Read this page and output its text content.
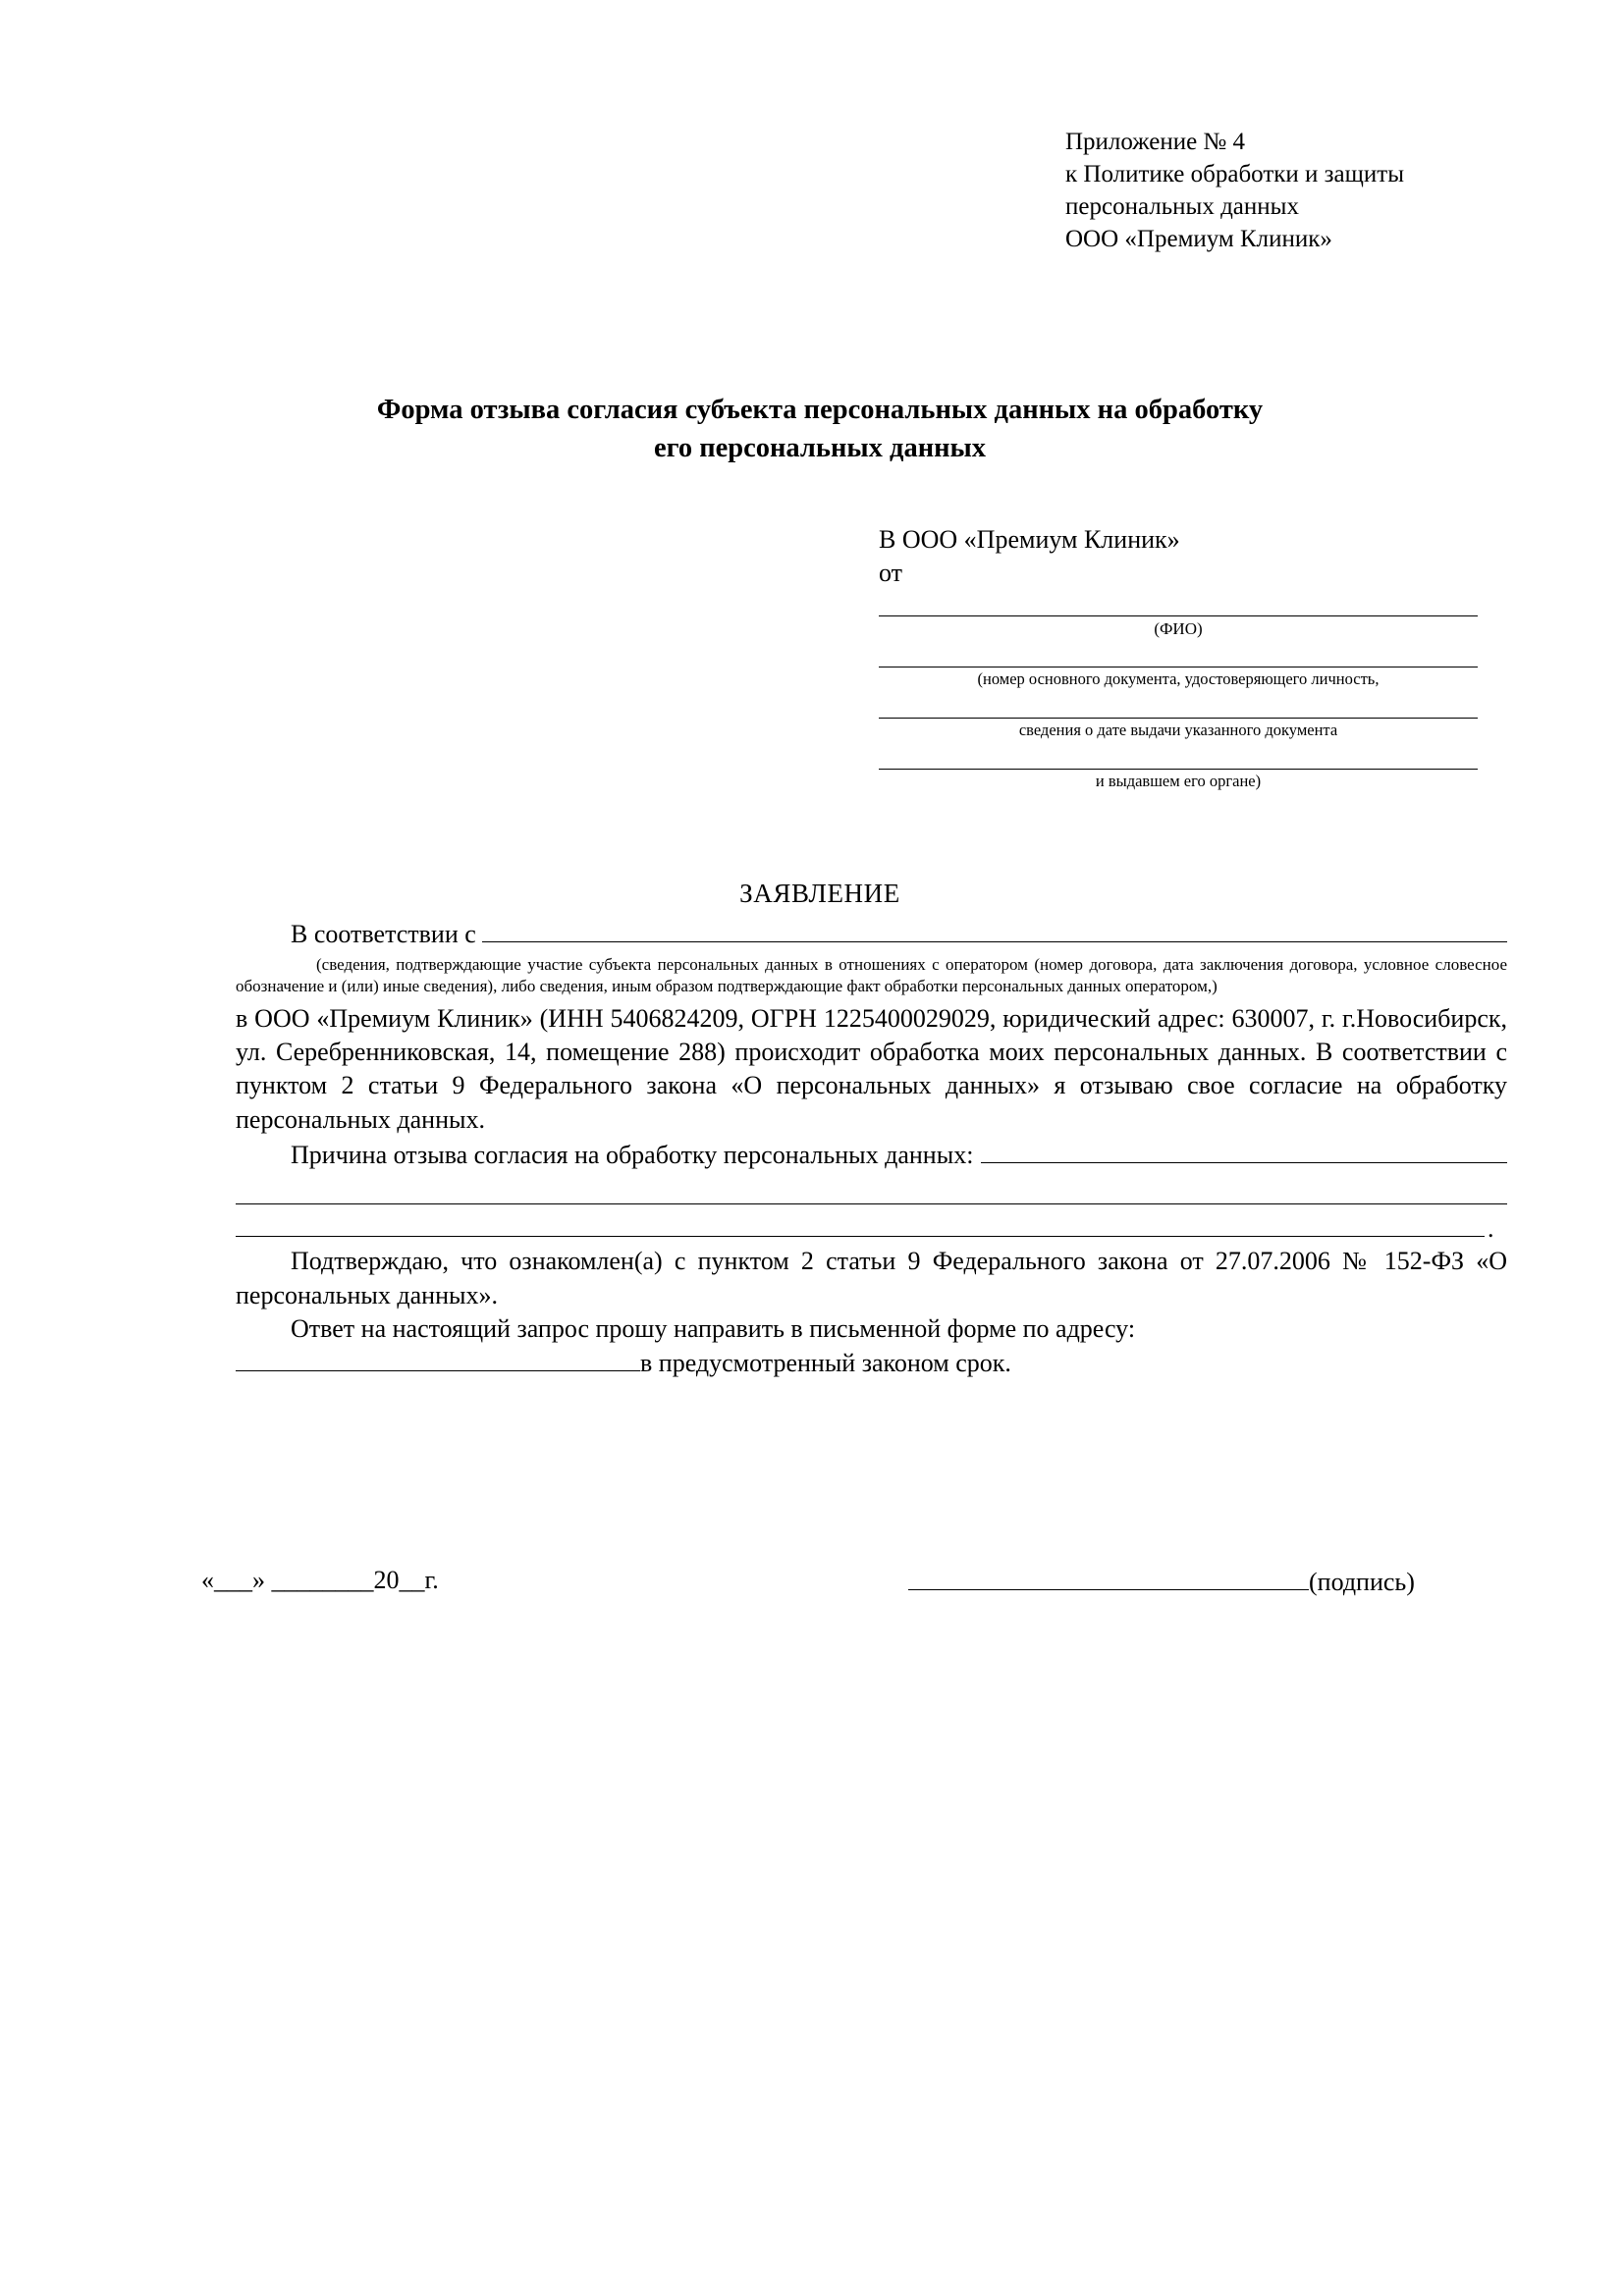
Приложение № 4
к Политике обработки и защиты
персональных данных
ООО «Премиум Клиник»
Форма отзыва согласия субъекта персональных данных на обработку
его персональных данных
В ООО «Премиум Клиник»
от
(ФИО)
(номер основного документа, удостоверяющего личность,
сведения о дате выдачи указанного документа
и выдавшем его органе)
ЗАЯВЛЕНИЕ
В соответствии с
(сведения, подтверждающие участие субъекта персональных данных в отношениях с оператором (номер договора, дата заключения договора, условное словесное обозначение и (или) иные сведения), либо сведения, иным образом подтверждающие факт обработки персональных данных оператором,)

в ООО «Премиум Клиник» (ИНН 5406824209, ОГРН 1225400029029, юридический адрес: 630007, г. г.Новосибирск, ул. Серебренниковская, 14, помещение 288) происходит обработка моих персональных данных. В соответствии с пунктом 2 статьи 9 Федерального закона «О персональных данных» я отзываю свое согласие на обработку персональных данных.

Причина отзыва согласия на обработку персональных данных:
.

Подтверждаю, что ознакомлен(а) с пунктом 2 статьи 9 Федерального закона от 27.07.2006 № 152-ФЗ «О персональных данных».

Ответ на настоящий запрос прошу направить в письменной форме по адресу:

в предусмотренный законом срок.
«___» ________20__г.	(подпись)
